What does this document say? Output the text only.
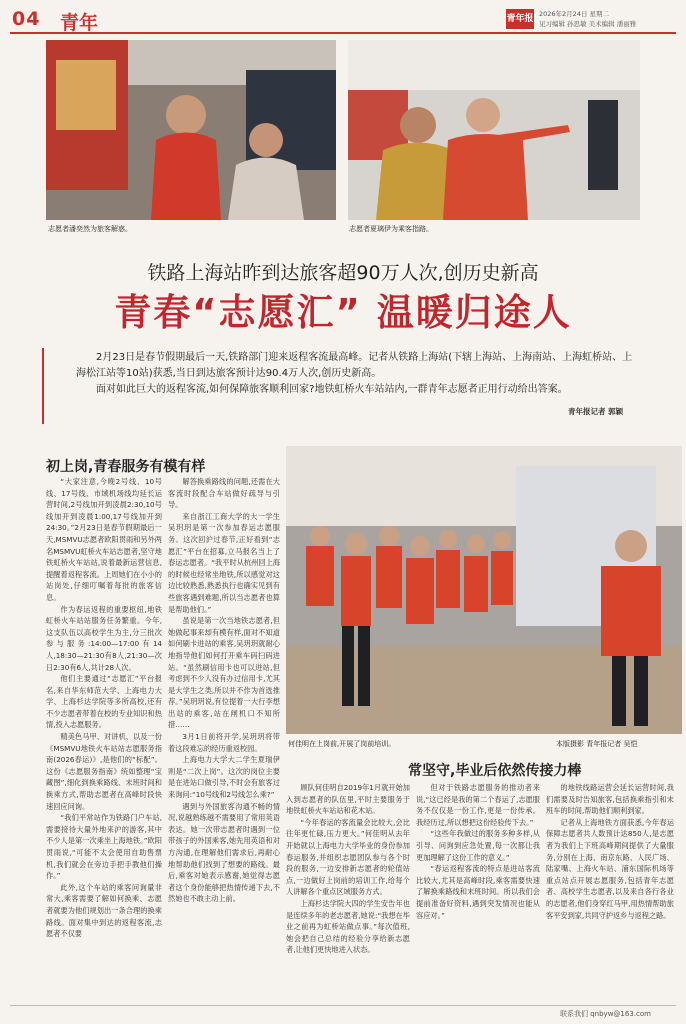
04 青年	青年报 2026年2月24日 星期二
见习编辑 孙思敏 美术编辑 潘丽雅
志愿者潘奕然为旅客解惑。	志愿者夏璃伊为乘客指路。
铁路上海站昨到达旅客超90万人次,创历史新高
青春“志愿汇” 温暖归途人

2月23日是春节假期最后一天,铁路部门迎来返程客流最高峰。记者从铁路上海站(下辖上海站、上海南站、上海虹桥站、上海松江站等10站)获悉,当日到达旅客预计达90.4万人次,创历史新高。

面对如此巨大的返程客流,如何保障旅客顺利回家?地铁虹桥火车站站内,一群青年志愿者正用行动给出答案。

青年报记者 郭颖
初上岗,青春服务有模有样

“大家注意,今晚2号线、10号线、17号线、市域机场线均延长运营时间,2号线加开到凌晨2:30,10号线加开到凌晨1:00,17号线加开到24:30。”2月23日是春节假期最后一天,MSMVU志愿者欧阳贯雨和另外两名MSMVU虹桥火车站志愿者,坚守地铁虹桥火车站站,说着最新运营信息,提醒着返程客流。上周她们在小小的站岗处,仔细叮嘱着每批的旅客信息。

作为春运返程的重要枢纽,地铁虹桥火车站站服务任务繁重。今年,这支队伍以高校学生为主,分三批次参与服务:14:00—17:00有14人,18:30—21:30有8人,21:30—次日2:30有6人,共计28人次。

他们主要通过“志愿汇”平台报名,来自华东师范大学、上海电力大学、上海杉达学院等多所高校,还有不少志愿者带着在校的专业知识和热情,投入志愿服务。

精美色马甲、对讲机、以及一份《MSMVU地铁火车站站志愿服务指南(2026春运)》,是他们的“标配”。这份《志愿服务指南》统如整理“宝藏图”,细化到换乘路线、末班时间和换乘方式,帮助志愿者在高峰时段快速回应问询。

“我们平常站作为铁路门户车站,需要接待大量外地来沪的游客,其中不少人是第一次乘坐上海地铁。”欧阳贯雨说,“可能不太会使用自助售票机,我们就会在旁边手把手教他们操作。”

此外,这个车站的乘客问询量非常大,乘客需要了解如何换乘、志愿者就要为他们规划出一条合理的换乘路线。面对集中到达的返程客流,志愿者不仅要

解答换乘路线的问题,还需在大客流时段配合车站做好疏导与引导。

来自浙江工商大学的大一学生吴玥玥是第一次参加春运志愿服务。这次回沪过春节,正好看到“志愿汇”平台在招募,立马报名当上了春运志愿者。“我平时从杭州回上海的时候也经常坐地铁,所以感觉对这边比较熟悉,熟悉执行也确实见到有些旅客遇到难题,所以当志愿者也算是帮助他们。”

虽说是第一次当地铁志愿者,但她做起事来却有模有样,面对不知道如何刷卡进站的乘客,吴玥玥就耐心地指导他们如何打开乘车码扫码进站。“虽然刷信用卡也可以进站,但考虑到不少人没有办过信用卡,尤其是大学生之类,所以并不作为首选推荐。”吴玥玥说,有位提着一大行李想出站的乘客,站在闸机口不知所措……

3月1日前将开学,吴玥玥将带着这段难忘的经历重返校园。

上海电力大学大二学生夏瑞伊则是“二次上岗”。这次的岗位主要是在进站口做引导,不时会有旅客过来询问:“10号线和2号线怎么乘?”

遇到与外国旅客沟通不畅的情况,说越熟练越不需要用了常用英语表达。她一次带志愿者时遇到一位带孩子的外国乘客,她先用英语和对方沟通,在理解他们需求后,再耐心地帮助他们找到了想要的路线。最后,乘客对她表示感谢,她觉得志愿者这个身份能够把热情传递下去,不然她也不敢主动上前。

何佳明在上岗前,开展了岗前培训。	本版摄影 青年报记者 吴恺
常坚守,毕业后依然传接力棒

顾队何佳明自2019年1月就开始加入到志愿者的队伍里,平时主要服务于地铁虹桥火车站站和花木站。

“今年春运的客流量会比较大,会比往年更忙碌,压力更大。”何佳明从去年开始就以上海电力大学毕业的身份参加春运服务,并组织志愿团队参与各个时段的服务,一边安排新志愿者的轮值站点,一边做好上岗前的培训工作,给每个人讲解各个重点区域服务方式。

上海杉达学院大四的学生安告年也是连续多年的老志愿者,她说:“我想在毕业之前再为虹桥站做点事。”每次值班,她会把自己总结的经验分享给新志愿者,让他们更快地进入状态。

但对于铁路志愿服务的推动者来说,“这已经是我的第二个春运了,志愿服务不仅仅是一份工作,更是一份传承。我经历过,所以想把这份经验传下去。”

“这些年我做过的服务多种多样,从引导、问询到应急处置,每一次都让我更加理解了这份工作的意义。”

“春运返程客流的特点是进站客流比较大,尤其是高峰时段,乘客需要快速了解换乘路线和末班时间。所以我们会提前准备好资料,遇到突发情况也能从容应对。”

的地铁线路运营会延长运营时间,我们需要及时告知旅客,包括换乘指引和末班车的时间,帮助他们顺利到家。

记者从上海地铁方面获悉,今年春运保障志愿者共人数预计达850人,是志愿者为我们上下班高峰期间提供了大量服务,分别在上海、南京东路、人民广场、陆家嘴、上海火车站、浦东国际机场等重点站点开展志愿服务,包括青年志愿者、高校学生志愿者,以及来自各行各业的志愿者,他们身穿红马甲,用热情帮助旅客平安到家,共同守护返乡与返程之路。

联系我们 qnbyw@163.com
